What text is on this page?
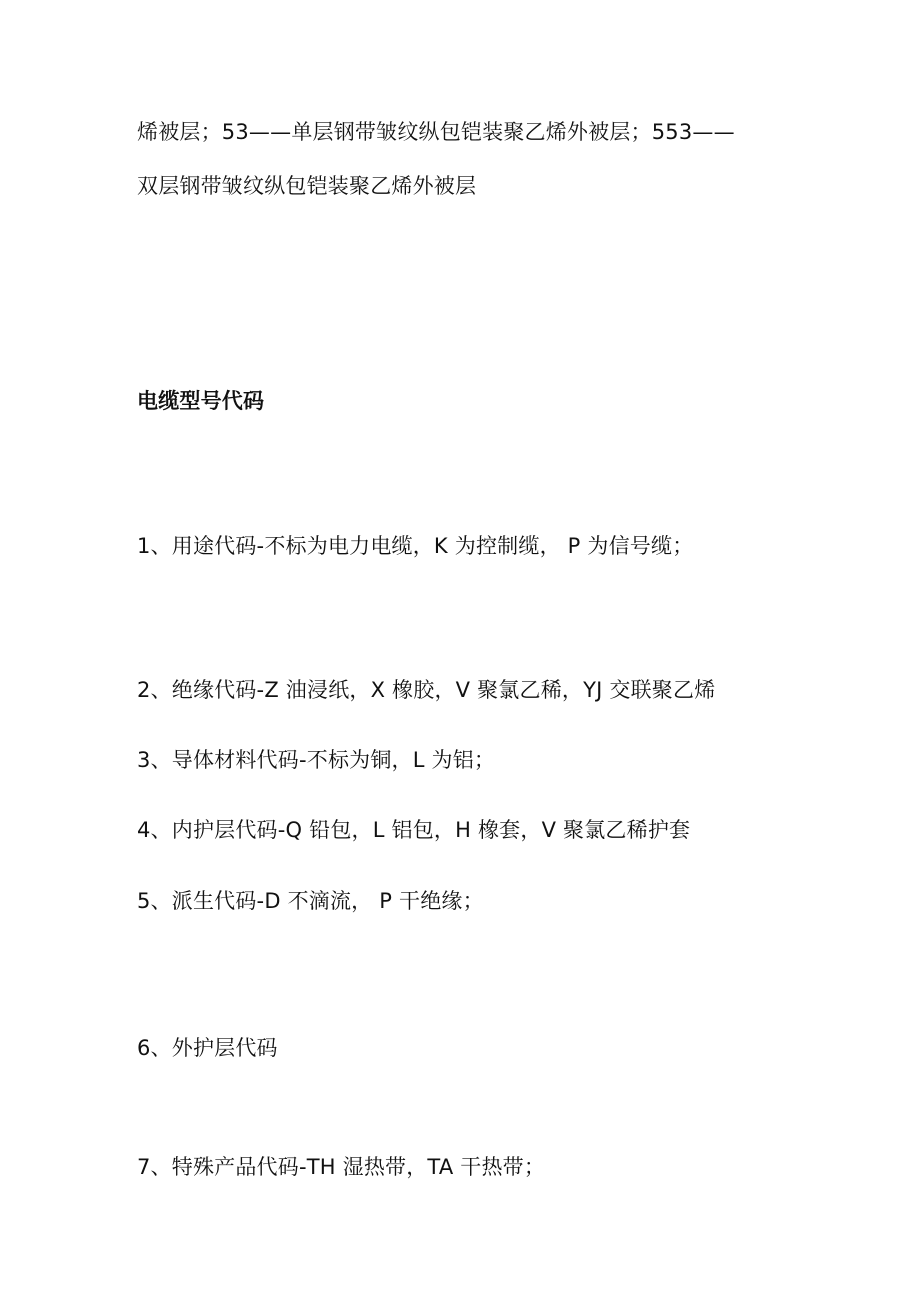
烯被层；53——单层钢带皱纹纵包铠装聚乙烯外被层；553——
双层钢带皱纹纵包铠装聚乙烯外被层
电缆型号代码
1、用途代码-不标为电力电缆，K 为控制缆， P 为信号缆；
2、绝缘代码-Z 油浸纸，X 橡胶，V 聚氯乙稀，YJ 交联聚乙烯
3、导体材料代码-不标为铜，L 为铝；
4、内护层代码-Q 铅包，L 铝包，H 橡套，V 聚氯乙稀护套
5、派生代码-D 不滴流， P 干绝缘；
6、外护层代码
7、特殊产品代码-TH 湿热带，TA 干热带；
